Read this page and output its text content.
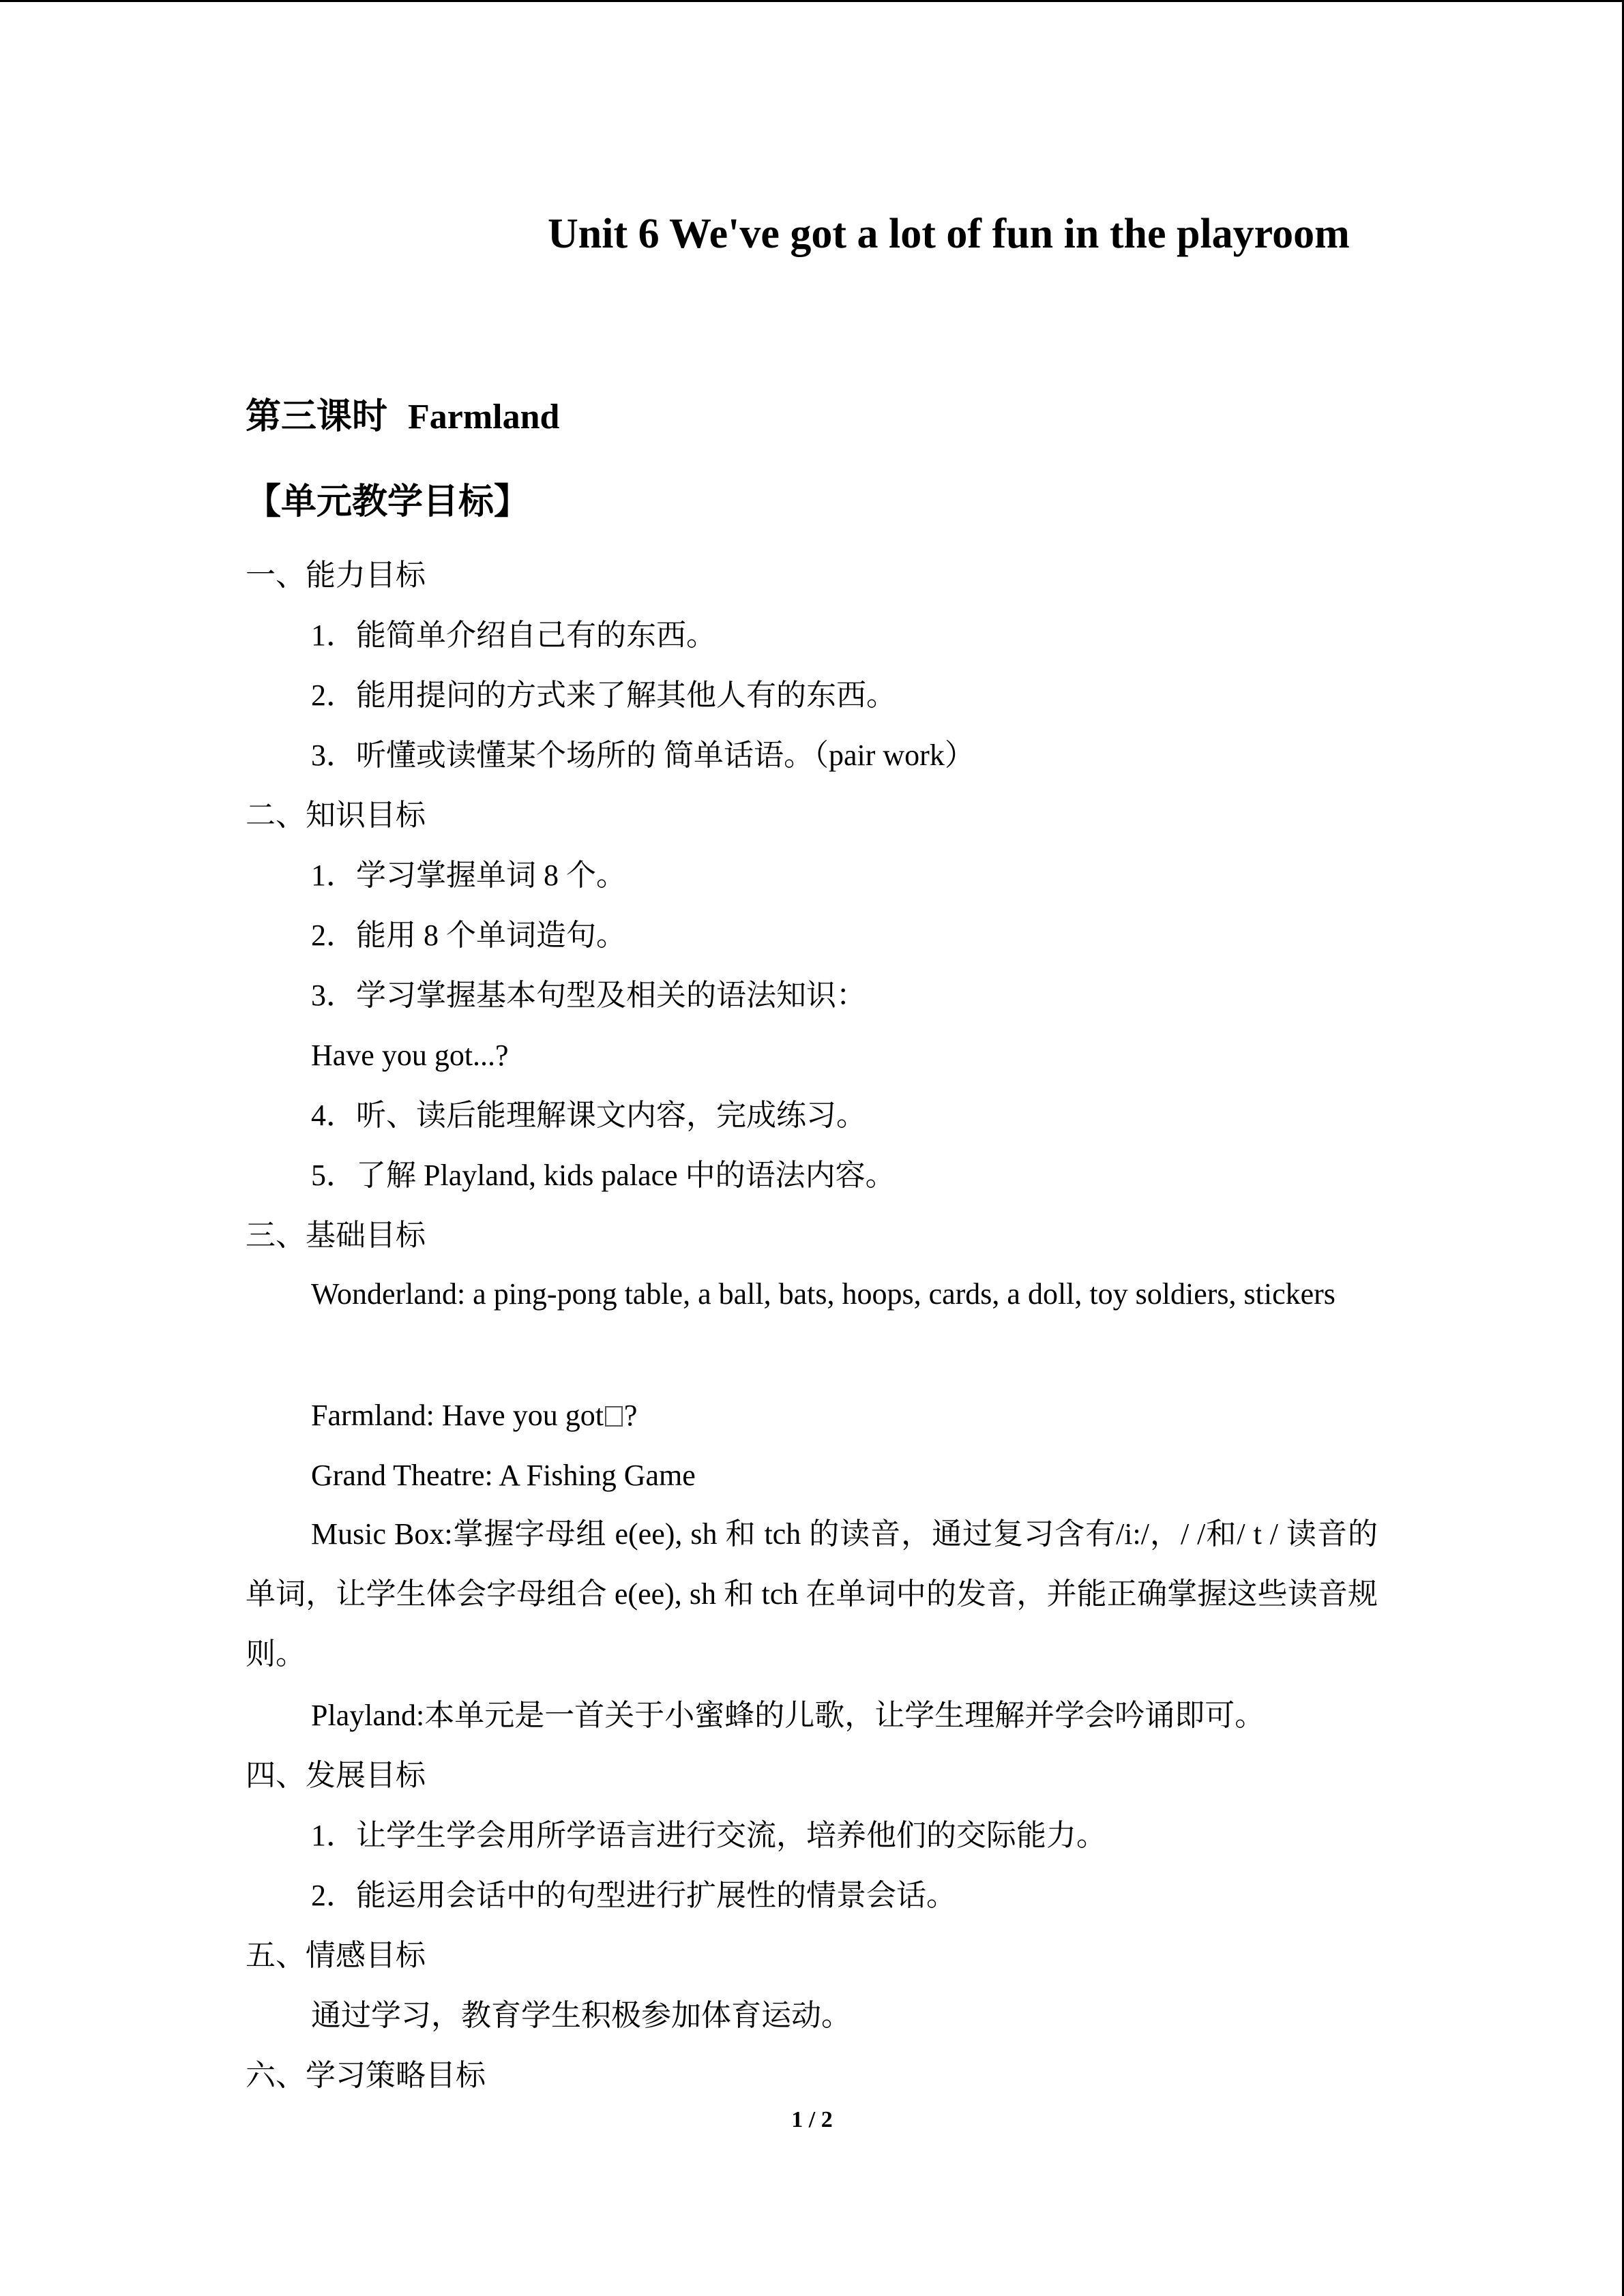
Unit 6 We've got a lot of fun in the playroom
第三课时 Farmland
【单元教学目标】
一、能力目标
1．能简单介绍自己有的东西。
2．能用提问的方式来了解其他人有的东西。
3．听懂或读懂某个场所的 简单话语。（pair work）
二、知识目标
1．学习掌握单词 8 个。
2．能用 8 个单词造句。
3．学习掌握基本句型及相关的语法知识：
Have you got...?
4．听、读后能理解课文内容，完成练习。
5．了解 Playland, kids palace 中的语法内容。
三、基础目标
Wonderland: a ping-pong table, a ball, bats, hoops, cards, a doll, toy soldiers, stickers
Farmland: Have you got ?
Grand Theatre: A Fishing Game
Music Box:掌握字母组 e(ee), sh 和 tch 的读音，通过复习含有/i:/，/ /和/ t / 读音的单词，让学生体会字母组合 e(ee), sh 和 tch 在单词中的发音，并能正确掌握这些读音规则。
Playland:本单元是一首关于小蜜蜂的儿歌，让学生理解并学会吟诵即可。
四、发展目标
1．让学生学会用所学语言进行交流，培养他们的交际能力。
2．能运用会话中的句型进行扩展性的情景会话。
五、情感目标
通过学习，教育学生积极参加体育运动。
六、学习策略目标
1 / 2
